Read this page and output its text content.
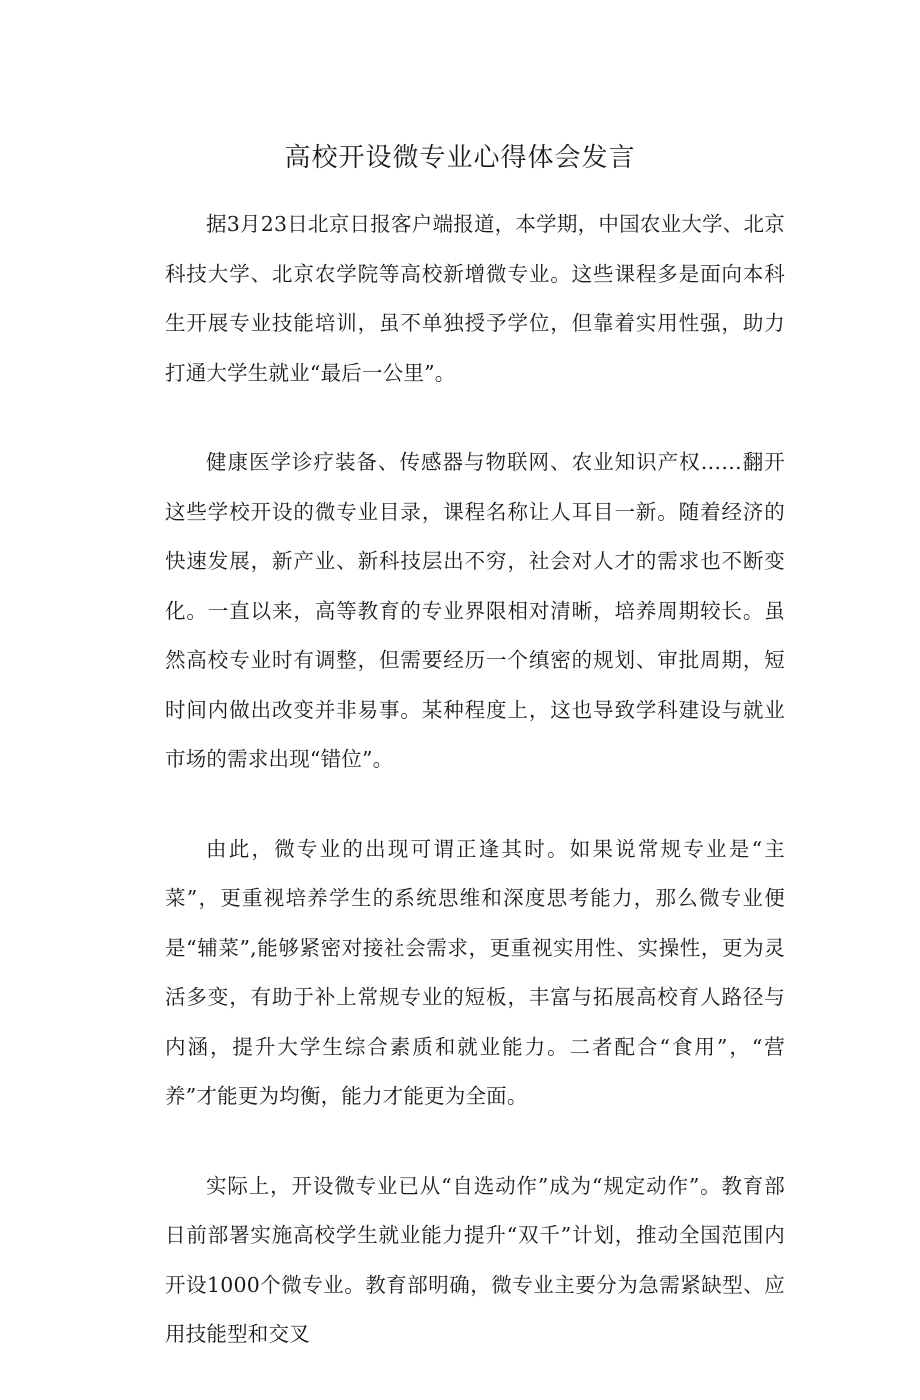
高校开设微专业心得体会发言

据3月23日北京日报客户端报道，本学期，中国农业大学、北京科技大学、北京农学院等高校新增微专业。这些课程多是面向本科生开展专业技能培训，虽不单独授予学位，但靠着实用性强，助力打通大学生就业“最后一公里”。

健康医学诊疗装备、传感器与物联网、农业知识产权……翻开这些学校开设的微专业目录，课程名称让人耳目一新。随着经济的快速发展，新产业、新科技层出不穷，社会对人才的需求也不断变化。一直以来，高等教育的专业界限相对清晰，培养周期较长。虽然高校专业时有调整，但需要经历一个缜密的规划、审批周期，短时间内做出改变并非易事。某种程度上，这也导致学科建设与就业市场的需求出现“错位”。

由此，微专业的出现可谓正逢其时。如果说常规专业是“主菜”，更重视培养学生的系统思维和深度思考能力，那么微专业便是“辅菜”,能够紧密对接社会需求，更重视实用性、实操性，更为灵活多变，有助于补上常规专业的短板，丰富与拓展高校育人路径与内涵，提升大学生综合素质和就业能力。二者配合“食用”，“营养”才能更为均衡，能力才能更为全面。

实际上，开设微专业已从“自选动作”成为“规定动作”。教育部日前部署实施高校学生就业能力提升“双千”计划，推动全国范围内开设1000个微专业。教育部明确，微专业主要分为急需紧缺型、应用技能型和交叉
